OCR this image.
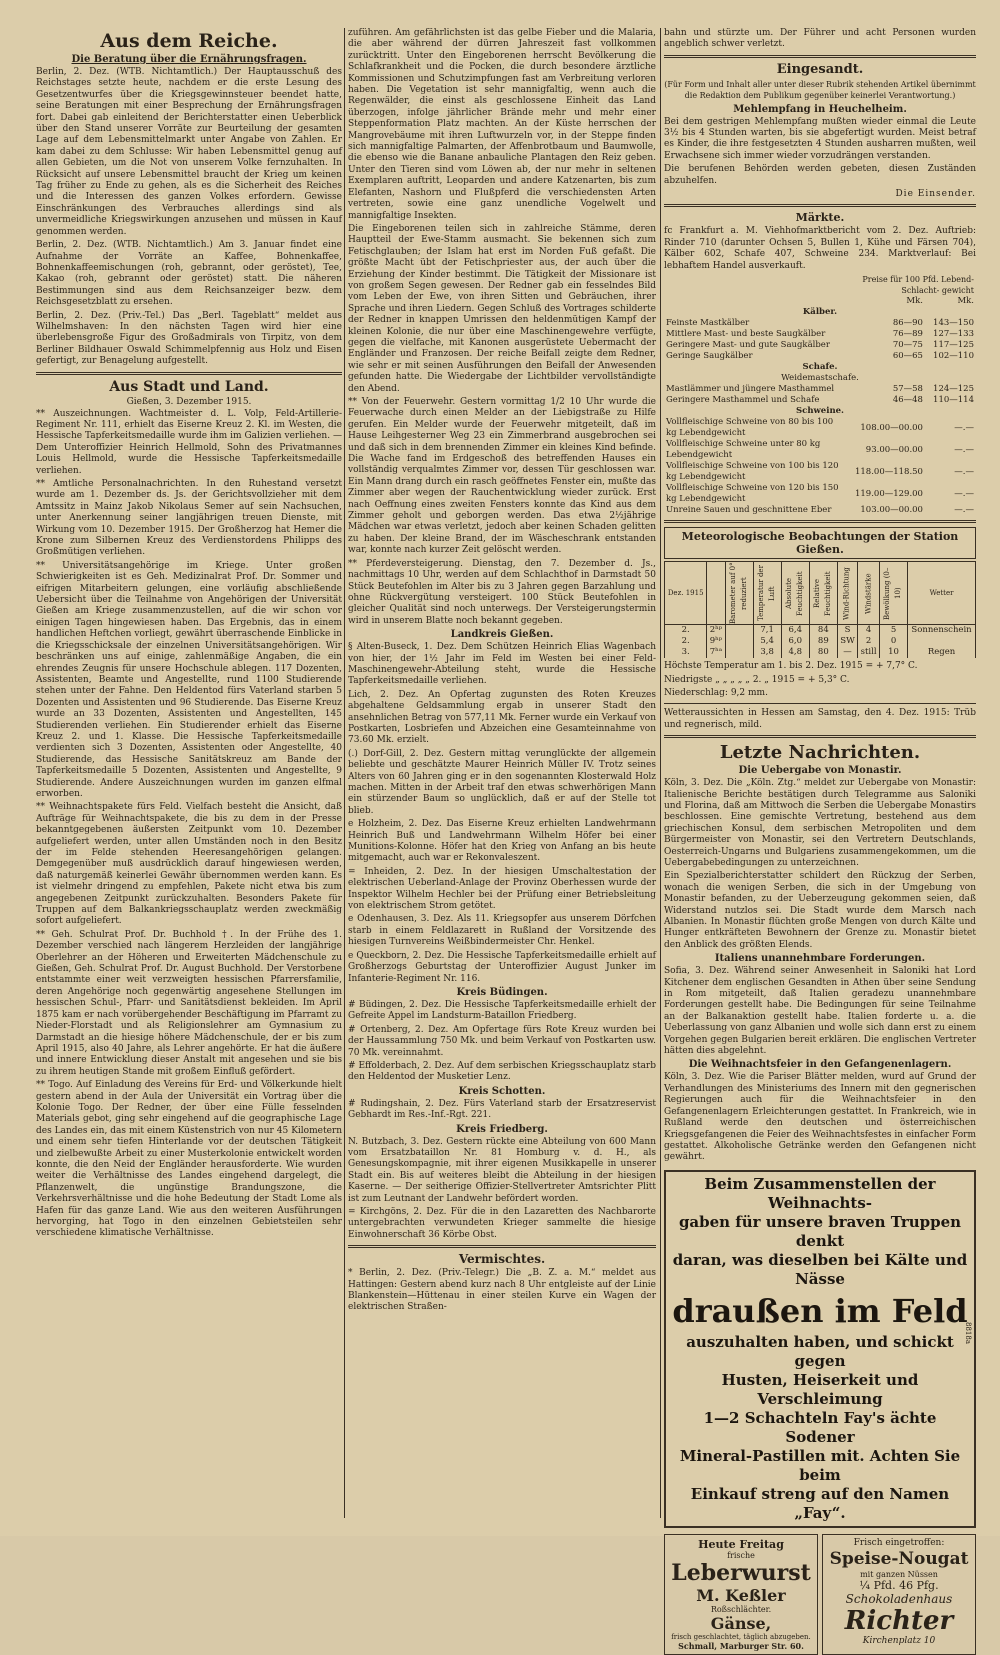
Aus dem Reiche.
Die Beratung über die Ernährungsfragen.

Berlin, 2. Dez. (WTB. Nichtamtlich.) Der Hauptausschuß des Reichstages setzte heute, nachdem er die erste Lesung des Gesetzentwurfes über die Kriegsgewinnsteuer beendet hatte, seine Beratungen mit einer Besprechung der Ernährungsfragen fort. Dabei gab einleitend der Berichterstatter einen Ueberblick über den Stand unserer Vorräte zur Beurteilung der gesamten Lage auf dem Lebensmittelmarkt unter Angabe von Zahlen. Er kam dabei zu dem Schlusse: Wir haben Lebensmittel genug auf allen Gebieten, um die Not von unserem Volke fernzuhalten. In Rücksicht auf unsere Lebensmittel braucht der Krieg um keinen Tag früher zu Ende zu gehen, als es die Sicherheit des Reiches und die Interessen des ganzen Volkes erfordern. Gewisse Einschränkungen des Verbrauches allerdings sind als unvermeidliche Kriegswirkungen anzusehen und müssen in Kauf genommen werden.

Berlin, 2. Dez. (WTB. Nichtamtlich.) Am 3. Januar findet eine Aufnahme der Vorräte an Kaffee, Bohnenkaffee, Bohnenkaffeemischungen (roh, gebrannt, oder geröstet), Tee, Kakao (roh, gebrannt oder geröstet) statt. Die näheren Bestimmungen sind aus dem Reichsanzeiger bezw. dem Reichsgesetzblatt zu ersehen.

Berlin, 2. Dez. (Priv.-Tel.) Das „Berl. Tageblatt“ meldet aus Wilhelmshaven: In den nächsten Tagen wird hier eine überlebensgroße Figur des Großadmirals von Tirpitz, von dem Berliner Bildhauer Oswald Schimmelpfennig aus Holz und Eisen gefertigt, zur Benagelung aufgestellt.

Aus Stadt und Land.
Gießen, 3. Dezember 1915.

** Auszeichnungen. Wachtmeister d. L. Volp, Feld-Artillerie-Regiment Nr. 111, erhielt das Eiserne Kreuz 2. Kl. im Westen, die Hessische Tapferkeitsmedaille wurde ihm im Galizien verliehen. — Dem Unteroffizier Heinrich Hellmold, Sohn des Privatmannes Louis Hellmold, wurde die Hessische Tapferkeitsmedaille verliehen.

** Amtliche Personalnachrichten. In den Ruhestand versetzt wurde am 1. Dezember ds. Js. der Gerichtsvollzieher mit dem Amtssitz in Mainz Jakob Nikolaus Semer auf sein Nachsuchen, unter Anerkennung seiner langjährigen treuen Dienste, mit Wirkung vom 10. Dezember 1915. Der Großherzog hat Hemer die Krone zum Silbernen Kreuz des Verdienstordens Philipps des Großmütigen verliehen.

** Universitätsangehörige im Kriege. Unter großen Schwierigkeiten ist es Geh. Medizinalrat Prof. Dr. Sommer und eifrigen Mitarbeitern gelungen, eine vorläufig abschließende Uebersicht über die Teilnahme von Angehörigen der Universität Gießen am Kriege zusammenzustellen, auf die wir schon vor einigen Tagen hingewiesen haben. Das Ergebnis, das in einem handlichen Heftchen vorliegt, gewährt überraschende Einblicke in die Kriegsschicksale der einzelnen Universitätsangehörigen. Wir beschränken uns auf einige, zahlenmäßige Angaben, die ein ehrendes Zeugnis für unsere Hochschule ablegen. 117 Dozenten, Assistenten, Beamte und Angestellte, rund 1100 Studierende stehen unter der Fahne. Den Heldentod fürs Vaterland starben 5 Dozenten und Assistenten und 96 Studierende. Das Eiserne Kreuz wurde an 33 Dozenten, Assistenten und Angestellten, 145 Studierenden verliehen. Ein Studierender erhielt das Eiserne Kreuz 2. und 1. Klasse. Die Hessische Tapferkeitsmedaille verdienten sich 3 Dozenten, Assistenten oder Angestellte, 40 Studierende, das Hessische Sanitätskreuz am Bande der Tapferkeitsmedaille 5 Dozenten, Assistenten und Angestellte, 9 Studierende. Andere Auszeichnungen wurden im ganzen elfmal erworben.

** Weihnachtspakete fürs Feld. Vielfach besteht die Ansicht, daß Aufträge für Weihnachtspakete, die bis zu dem in der Presse bekanntgegebenen äußersten Zeitpunkt vom 10. Dezember aufgeliefert werden, unter allen Umständen noch in den Besitz der im Felde stehenden Heeresangehörigen gelangen. Demgegenüber muß ausdrücklich darauf hingewiesen werden, daß naturgemäß keinerlei Gewähr übernommen werden kann. Es ist vielmehr dringend zu empfehlen, Pakete nicht etwa bis zum angegebenen Zeitpunkt zurückzuhalten. Besonders Pakete für Truppen auf dem Balkankriegsschauplatz werden zweckmäßig sofort aufgeliefert.

** Geh. Schulrat Prof. Dr. Buchhold †. In der Frühe des 1. Dezember verschied nach längerem Herzleiden der langjährige Oberlehrer an der Höheren und Erweiterten Mädchenschule zu Gießen, Geh. Schulrat Prof. Dr. August Buchhold. Der Verstorbene entstammte einer weit verzweigten hessischen Pfarrersfamilie, deren Angehörige noch gegenwärtig angesehene Stellungen im hessischen Schul-, Pfarr- und Sanitätsdienst bekleiden. Im April 1875 kam er nach vorübergehender Beschäftigung im Pfarramt zu Nieder-Florstadt und als Religionslehrer am Gymnasium zu Darmstadt an die hiesige höhere Mädchenschule, der er bis zum April 1915, also 40 Jahre, als Lehrer angehörte. Er hat die äußere und innere Entwicklung dieser Anstalt mit angesehen und sie bis zu ihrem heutigen Stande mit großem Einfluß gefördert.

** Togo. Auf Einladung des Vereins für Erd- und Völkerkunde hielt gestern abend in der Aula der Universität ein Vortrag über die Kolonie Togo. Der Redner, der über eine Fülle fesselnden Materials gebot, ging sehr eingehend auf die geographische Lage des Landes ein, das mit einem Küstenstrich von nur 45 Kilometern und einem sehr tiefen Hinterlande vor der deutschen Tätigkeit und zielbewußte Arbeit zu einer Musterkolonie entwickelt worden konnte, die den Neid der Engländer herausforderte. Wie wurden weiter die Verhältnisse des Landes eingehend dargelegt, die Pflanzenwelt, die ungünstige Brandungszone, die Verkehrsverhältnisse und die hohe Bedeutung der Stadt Lome als Hafen für das ganze Land. Wie aus den weiteren Ausführungen hervorging, hat Togo in den einzelnen Gebietsteilen sehr verschiedene klimatische Verhältnisse.

zuführen. Am gefährlichsten ist das gelbe Fieber und die Malaria, die aber während der dürren Jahreszeit fast vollkommen zurücktritt. Unter den Eingeborenen herrscht Bevölkerung die Schlafkrankheit und die Pocken, die durch besondere ärztliche Kommissionen und Schutzimpfungen fast am Verbreitung verloren haben. Die Vegetation ist sehr mannigfaltig, wenn auch die Regenwälder, die einst als geschlossene Einheit das Land überzogen, infolge jährlicher Brände mehr und mehr einer Steppenformation Platz machten. An der Küste herrschen der Mangrovebäume mit ihren Luftwurzeln vor, in der Steppe finden sich mannigfaltige Palmarten, der Affenbrotbaum und Baumwolle, die ebenso wie die Banane anbauliche Plantagen den Reiz geben. Unter den Tieren sind vom Löwen ab, der nur mehr in seltenen Exemplaren auftritt, Leoparden und andere Katzenarten, bis zum Elefanten, Nashorn und Flußpferd die verschiedensten Arten vertreten, sowie eine ganz unendliche Vogelwelt und mannigfaltige Insekten.

Die Eingeborenen teilen sich in zahlreiche Stämme, deren Hauptteil der Ewe-Stamm ausmacht. Sie bekennen sich zum Fetischglauben; der Islam hat erst im Norden Fuß gefaßt. Die größte Macht übt der Fetischpriester aus, der auch über die Erziehung der Kinder bestimmt. Die Tätigkeit der Missionare ist von großem Segen gewesen. Der Redner gab ein fesselndes Bild vom Leben der Ewe, von ihren Sitten und Gebräuchen, ihrer Sprache und ihren Liedern. Gegen Schluß des Vortrages schilderte der Redner in knappen Umrissen den heldenmütigen Kampf der kleinen Kolonie, die nur über eine Maschinengewehre verfügte, gegen die vielfache, mit Kanonen ausgerüstete Uebermacht der Engländer und Franzosen. Der reiche Beifall zeigte dem Redner, wie sehr er mit seinen Ausführungen den Beifall der Anwesenden gefunden hatte. Die Wiedergabe der Lichtbilder vervollständigte den Abend.

** Von der Feuerwehr. Gestern vormittag 1/2 10 Uhr wurde die Feuerwache durch einen Melder an der Liebigstraße zu Hilfe gerufen. Ein Melder wurde der Feuerwehr mitgeteilt, daß im Hause Leihgesterner Weg 23 ein Zimmerbrand ausgebrochen sei und daß sich in dem brennenden Zimmer ein kleines Kind befinde. Die Wache fand im Erdgeschoß des betreffenden Hauses ein vollständig verqualmtes Zimmer vor, dessen Tür geschlossen war. Ein Mann drang durch ein rasch geöffnetes Fenster ein, mußte das Zimmer aber wegen der Rauchentwicklung wieder zurück. Erst nach Oeffnung eines zweiten Fensters konnte das Kind aus dem Zimmer geholt und geborgen werden. Das etwa 2½jährige Mädchen war etwas verletzt, jedoch aber keinen Schaden gelitten zu haben. Der kleine Brand, der im Wäscheschrank entstanden war, konnte nach kurzer Zeit gelöscht werden.

** Pferdeversteigerung. Dienstag, den 7. Dezember d. Js., nachmittags 10 Uhr, werden auf dem Schlachthof in Darmstadt 50 Stück Beutefohlen im Alter bis zu 3 Jahren gegen Barzahlung und ohne Rückvergütung versteigert. 100 Stück Beutefohlen in gleicher Qualität sind noch unterwegs. Der Versteigerungstermin wird in unserem Blatte noch bekannt gegeben.

Landkreis Gießen.

§ Alten-Buseck, 1. Dez. Dem Schützen Heinrich Elias Wagenbach von hier, der 1½ Jahr im Feld im Westen bei einer Feld-Maschinengewehr-Abteilung steht, wurde die Hessische Tapferkeitsmedaille verliehen.

Lich, 2. Dez. An Opfertag zugunsten des Roten Kreuzes abgehaltene Geldsammlung ergab in unserer Stadt den ansehnlichen Betrag von 577,11 Mk. Ferner wurde ein Verkauf von Postkarten, Losbriefen und Abzeichen eine Gesamteinnahme von 73.60 Mk. erzielt.

(.) Dorf-Gill, 2. Dez. Gestern mittag verunglückte der allgemein beliebte und geschätzte Maurer Heinrich Müller IV. Trotz seines Alters von 60 Jahren ging er in den sogenannten Klosterwald Holz machen. Mitten in der Arbeit traf den etwas schwerhörigen Mann ein stürzender Baum so unglücklich, daß er auf der Stelle tot blieb.

e Holzheim, 2. Dez. Das Eiserne Kreuz erhielten Landwehrmann Heinrich Buß und Landwehrmann Wilhelm Höfer bei einer Munitions-Kolonne. Höfer hat den Krieg von Anfang an bis heute mitgemacht, auch war er Rekonvaleszent.

= Inheiden, 2. Dez. In der hiesigen Umschaltestation der elektrischen Ueberland-Anlage der Provinz Oberhessen wurde der Inspektor Wilhelm Hechler bei der Prüfung einer Betriebsleitung von elektrischem Strom getötet.

e Odenhausen, 3. Dez. Als 11. Kriegsopfer aus unserem Dörfchen starb in einem Feldlazarett in Rußland der Vorsitzende des hiesigen Turnvereins Weißbindermeister Chr. Henkel.

e Queckborn, 2. Dez. Die Hessische Tapferkeitsmedaille erhielt auf Großherzogs Geburtstag der Unteroffizier August Junker im Infanterie-Regiment Nr. 116.

Kreis Büdingen.

# Büdingen, 2. Dez. Die Hessische Tapferkeitsmedaille erhielt der Gefreite Appel im Landsturm-Bataillon Friedberg.

# Ortenberg, 2. Dez. Am Opfertage fürs Rote Kreuz wurden bei der Haussammlung 750 Mk. und beim Verkauf von Postkarten usw. 70 Mk. vereinnahmt.

# Effolderbach, 2. Dez. Auf dem serbischen Kriegsschauplatz starb den Heldentod der Musketier Lenz.

Kreis Schotten.

# Rudingshain, 2. Dez. Fürs Vaterland starb der Ersatzreservist Gebhardt im Res.-Inf.-Rgt. 221.

Kreis Friedberg.

N. Butzbach, 3. Dez. Gestern rückte eine Abteilung von 600 Mann vom Ersatzbataillon Nr. 81 Homburg v. d. H., als Genesungskompagnie, mit ihrer eigenen Musikkapelle in unserer Stadt ein. Bis auf weiteres bleibt die Abteilung in der hiesigen Kaserne. — Der seitherige Offizier-Stellvertreter Amtsrichter Plitt ist zum Leutnant der Landwehr befördert worden.

= Kirchgöns, 2. Dez. Für die in den Lazaretten des Nachbarorte untergebrachten verwundeten Krieger sammelte die hiesige Einwohnerschaft 36 Körbe Obst.

Vermischtes.

* Berlin, 2. Dez. (Priv.-Telegr.) Die „B. Z. a. M.“ meldet aus Hattingen: Gestern abend kurz nach 8 Uhr entgleiste auf der Linie Blankenstein—Hüttenau in einer steilen Kurve ein Wagen der elektrischen Straßen-

bahn und stürzte um. Der Führer und acht Personen wurden angeblich schwer verletzt.

Eingesandt.

(Für Form und Inhalt aller unter dieser Rubrik stehenden Artikel übernimmt die Redaktion dem Publikum gegenüber keinerlei Verantwortung.)

Mehlempfang in Heuchelheim.

Bei dem gestrigen Mehlempfang mußten wieder einmal die Leute 3½ bis 4 Stunden warten, bis sie abgefertigt wurden. Meist betraf es Kinder, die ihre festgesetzten 4 Stunden ausharren mußten, weil Erwachsene sich immer wieder vorzudrängen verstanden.

Die berufenen Behörden werden gebeten, diesen Zuständen abzuhelfen.

Die Einsender.

Märkte.

fc Frankfurt a. M. Viehhofmarktbericht vom 2. Dez. Auftrieb: Rinder 710 (darunter Ochsen 5, Bullen 1, Kühe und Färsen 704), Kälber 602, Schafe 407, Schweine 234. Marktverlauf: Bei lebhaftem Handel ausverkauft.

	Preise für 100 Pfd. Lebend- Schlacht- gewicht	
	Mk.	Mk.
Kälber.		
Feinste Mastkälber	86—90	143—150
Mittlere Mast- und beste Saugkälber	76—89	127—133
Geringere Mast- und gute Saugkälber	70—75	117—125
Geringe Saugkälber	60—65	102—110
Schafe.		
Weidemastschafe.		
Mastlämmer und jüngere Masthammel	57—58	124—125
Geringere Masthammel und Schafe	46—48	110—114
Schweine.		
Vollfleischige Schweine von 80 bis 100 kg Lebendgewicht	108.00—00.00	—.—
Vollfleischige Schweine unter 80 kg Lebendgewicht	93.00—00.00	—.—
Vollfleischige Schweine von 100 bis 120 kg Lebendgewicht	118.00—118.50	—.—
Vollfleischige Schweine von 120 bis 150 kg Lebendgewicht	119.00—129.00	—.—
Unreine Sauen und geschnittene Eber	103.00—00.00	—.—
Meteorologische Beobachtungen der Station Gießen.
Dez. 1915		Barometer auf 0° reduziert	Temperatur der Luft	Absolute Feuchtigkeit	Relative Feuchtigkeit	Wind-Richtung	Windstärke	Bewölkung (0–10)	Wetter
2.	2ʰᵖ		7,1	6,4	84	S	4	5	Sonnenschein
2.	9ʰᵖ		5,4	6,0	89	SW	2	0	
3.	7ʰᵃ		3,8	4,8	80	—	still	10	Regen

Höchste Temperatur am 1. bis 2. Dez. 1915 = + 7,7° C.

Niedrigste „ „ „ „ „ 2. „ 1915 = + 5,3° C.

Niederschlag: 9,2 mm.

Wetteraussichten in Hessen am Samstag, den 4. Dez. 1915: Trüb und regnerisch, mild.

Letzte Nachrichten.
Die Uebergabe von Monastir.

Köln, 3. Dez. Die „Köln. Ztg.“ meldet zur Uebergabe von Monastir: Italienische Berichte bestätigen durch Telegramme aus Saloniki und Florina, daß am Mittwoch die Serben die Uebergabe Monastirs beschlossen. Eine gemischte Vertretung, bestehend aus dem griechischen Konsul, dem serbischen Metropoliten und dem Bürgermeister von Monastir, sei den Vertretern Deutschlands, Oesterreich-Ungarns und Bulgariens zusammengekommen, um die Uebergabebedingungen zu unterzeichnen.

Ein Spezialberichterstatter schildert den Rückzug der Serben, wonach die wenigen Serben, die sich in der Umgebung von Monastir befanden, zu der Ueberzeugung gekommen seien, daß Widerstand nutzlos sei. Die Stadt wurde dem Marsch nach Albanien. In Monastir flüchten große Mengen von durch Kälte und Hunger entkräfteten Bewohnern der Grenze zu. Monastir bietet den Anblick des größten Elends.

Italiens unannehmbare Forderungen.

Sofia, 3. Dez. Während seiner Anwesenheit in Saloniki hat Lord Kitchener dem englischen Gesandten in Athen über seine Sendung in Rom mitgeteilt, daß Italien geradezu unannehmbare Forderungen gestellt habe. Die Bedingungen für seine Teilnahme an der Balkanaktion gestellt habe. Italien forderte u. a. die Ueberlassung von ganz Albanien und wolle sich dann erst zu einem Vorgehen gegen Bulgarien bereit erklären. Die englischen Vertreter hätten dies abgelehnt.

Die Weihnachtsfeier in den Gefangenenlagern.

Köln, 3. Dez. Wie die Pariser Blätter melden, wurd auf Grund der Verhandlungen des Ministeriums des Innern mit den gegnerischen Regierungen auch für die Weihnachtsfeier in den Gefangenenlagern Erleichterungen gestattet. In Frankreich, wie in Rußland werde den deutschen und österreichischen Kriegsgefangenen die Feier des Weihnachtsfestes in einfacher Form gestattet. Alkoholische Getränke werden den Gefangenen nicht gewährt.

Beim Zusammenstellen der Weihnachts-
gaben für unsere braven Truppen denkt
daran, was dieselben bei Kälte und Nässe
draußen im Feld
auszuhalten haben, und schickt gegen
Husten, Heiserkeit und Verschleimung
1—2 Schachteln Fay's ächte Sodener
Mineral-Pastillen mit. Achten Sie beim
Einkauf streng auf den Namen „Fay“.
8818a
Heute Freitag
frische
Leberwurst
M. Keßler
Roßschlächter.
Gänse,
frisch geschlachtet, täglich abzugeben.
Schmall, Marburger Str. 60.
Frisch eingetroffen:
Speise-Nougat
mit ganzen Nüssen
¼ Pfd. 46 Pfg.
Schokoladenhaus
Richter
Kirchenplatz 10
